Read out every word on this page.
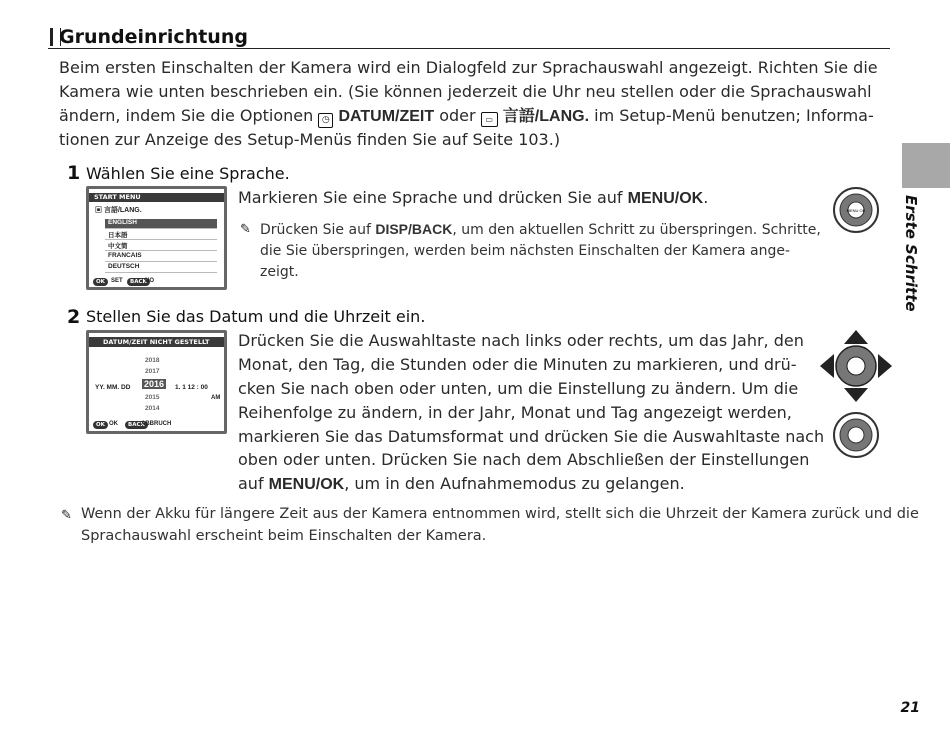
Grundeinrichtung
Beim ersten Einschalten der Kamera wird ein Dialogfeld zur Sprachauswahl angezeigt. Richten Sie die
Kamera wie unten beschrieben ein. (Sie können jederzeit die Uhr neu stellen oder die Sprachauswahl
ändern, indem Sie die Optionen ◷ DATUM/ZEIT oder ▭ 言語/LANG. im Setup-Menü benutzen; Informa-
tionen zur Anzeige des Setup-Menüs finden Sie auf Seite 103.)
1 Wählen Sie eine Sprache.
START MENU
▣ 言語/LANG.
ENGLISH
日本語
中文简
FRANCAIS
DEUTSCH
OK	SET	BACK
NO
Markieren Sie eine Sprache und drücken Sie auf MENU/OK.
✎ Drücken Sie auf DISP/BACK, um den aktuellen Schritt zu überspringen. Schritte,
die Sie überspringen, werden beim nächsten Einschalten der Kamera ange-
zeigt.
MENU OK
2 Stellen Sie das Datum und die Uhrzeit ein.
DATUM/ZEIT NICHT GESTELLT
2018
2017
2016
2015
2014
YY. MM. DD	1. 1 12 : 00
AM
OK OK	BACK
ABBRUCH
Drücken Sie die Auswahltaste nach links oder rechts, um das Jahr, den
Monat, den Tag, die Stunden oder die Minuten zu markieren, und drü-
cken Sie nach oben oder unten, um die Einstellung zu ändern. Um die
Reihenfolge zu ändern, in der Jahr, Monat und Tag angezeigt werden,
markieren Sie das Datumsformat und drücken Sie die Auswahltaste nach
oben oder unten. Drücken Sie nach dem Abschließen der Einstellungen
auf MENU/OK, um in den Aufnahmemodus zu gelangen.
✎ Wenn der Akku für längere Zeit aus der Kamera entnommen wird, stellt sich die Uhrzeit der Kamera zurück und die
Sprachauswahl erscheint beim Einschalten der Kamera.
Erste Schritte
21
